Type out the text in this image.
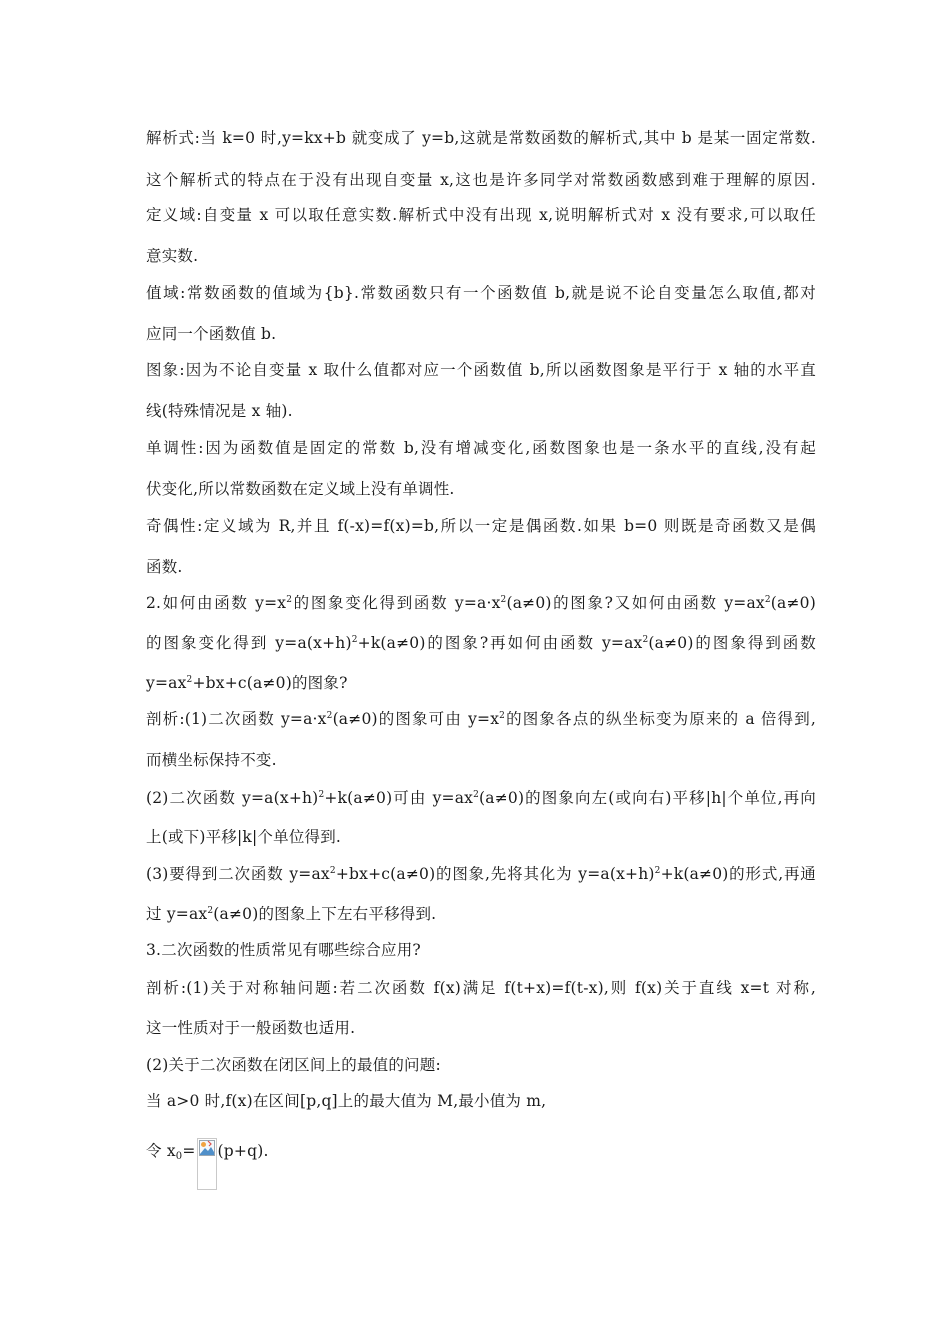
解析式:当 k=0 时,y=kx+b 就变成了 y=b,这就是常数函数的解析式,其中 b 是某一固定常数.
这个解析式的特点在于没有出现自变量 x,这也是许多同学对常数函数感到难于理解的原因.
定义域:自变量 x 可以取任意实数.解析式中没有出现 x,说明解析式对 x 没有要求,可以取任
意实数.
值域:常数函数的值域为{b}.常数函数只有一个函数值 b,就是说不论自变量怎么取值,都对
应同一个函数值 b.
图象:因为不论自变量 x 取什么值都对应一个函数值 b,所以函数图象是平行于 x 轴的水平直
线(特殊情况是 x 轴).
单调性:因为函数值是固定的常数 b,没有增减变化,函数图象也是一条水平的直线,没有起
伏变化,所以常数函数在定义域上没有单调性.
奇偶性:定义域为 R,并且 f(-x)=f(x)=b,所以一定是偶函数.如果 b=0 则既是奇函数又是偶
函数.
2.如何由函数 $y=x^2$的图象变化得到函数 $y=a\cdot x^2(a\ne 0)$的图象?又如何由函数 $y=ax^2(a\ne 0)$
的图象变化得到 $y=a(x+h)^2+k(a\ne 0)$的图象?再如何由函数 $y=ax^2(a\ne 0)$的图象得到函数
$y=ax^2+bx+c(a\ne 0)$的图象?
剖析:(1)二次函数 $y=a\cdot x^2(a\ne 0)$的图象可由 $y=x^2$的图象各点的纵坐标变为原来的 a 倍得到,
而横坐标保持不变.
(2)二次函数 $y=a(x+h)^2+k(a\ne 0)$可由 $y=ax^2(a\ne 0)$的图象向左(或向右)平移|h|个单位,再向
上(或下)平移|k|个单位得到.
(3)要得到二次函数 $y=ax^2+bx+c(a\ne 0)$的图象,先将其化为 $y=a(x+h)^2+k(a\ne 0)$的形式,再通
过 $y=ax^2(a\ne 0)$的图象上下左右平移得到.
3.二次函数的性质常见有哪些综合应用?
剖析:(1)关于对称轴问题:若二次函数 f(x)满足 f(t+x)=f(t-x),则 f(x)关于直线 x=t 对称,
这一性质对于一般函数也适用.
(2)关于二次函数在闭区间上的最值的问题:
当 a>0 时,f(x)在区间[p,q]上的最大值为 M,最小值为 m,
令 $x_0= (p+q)$.
